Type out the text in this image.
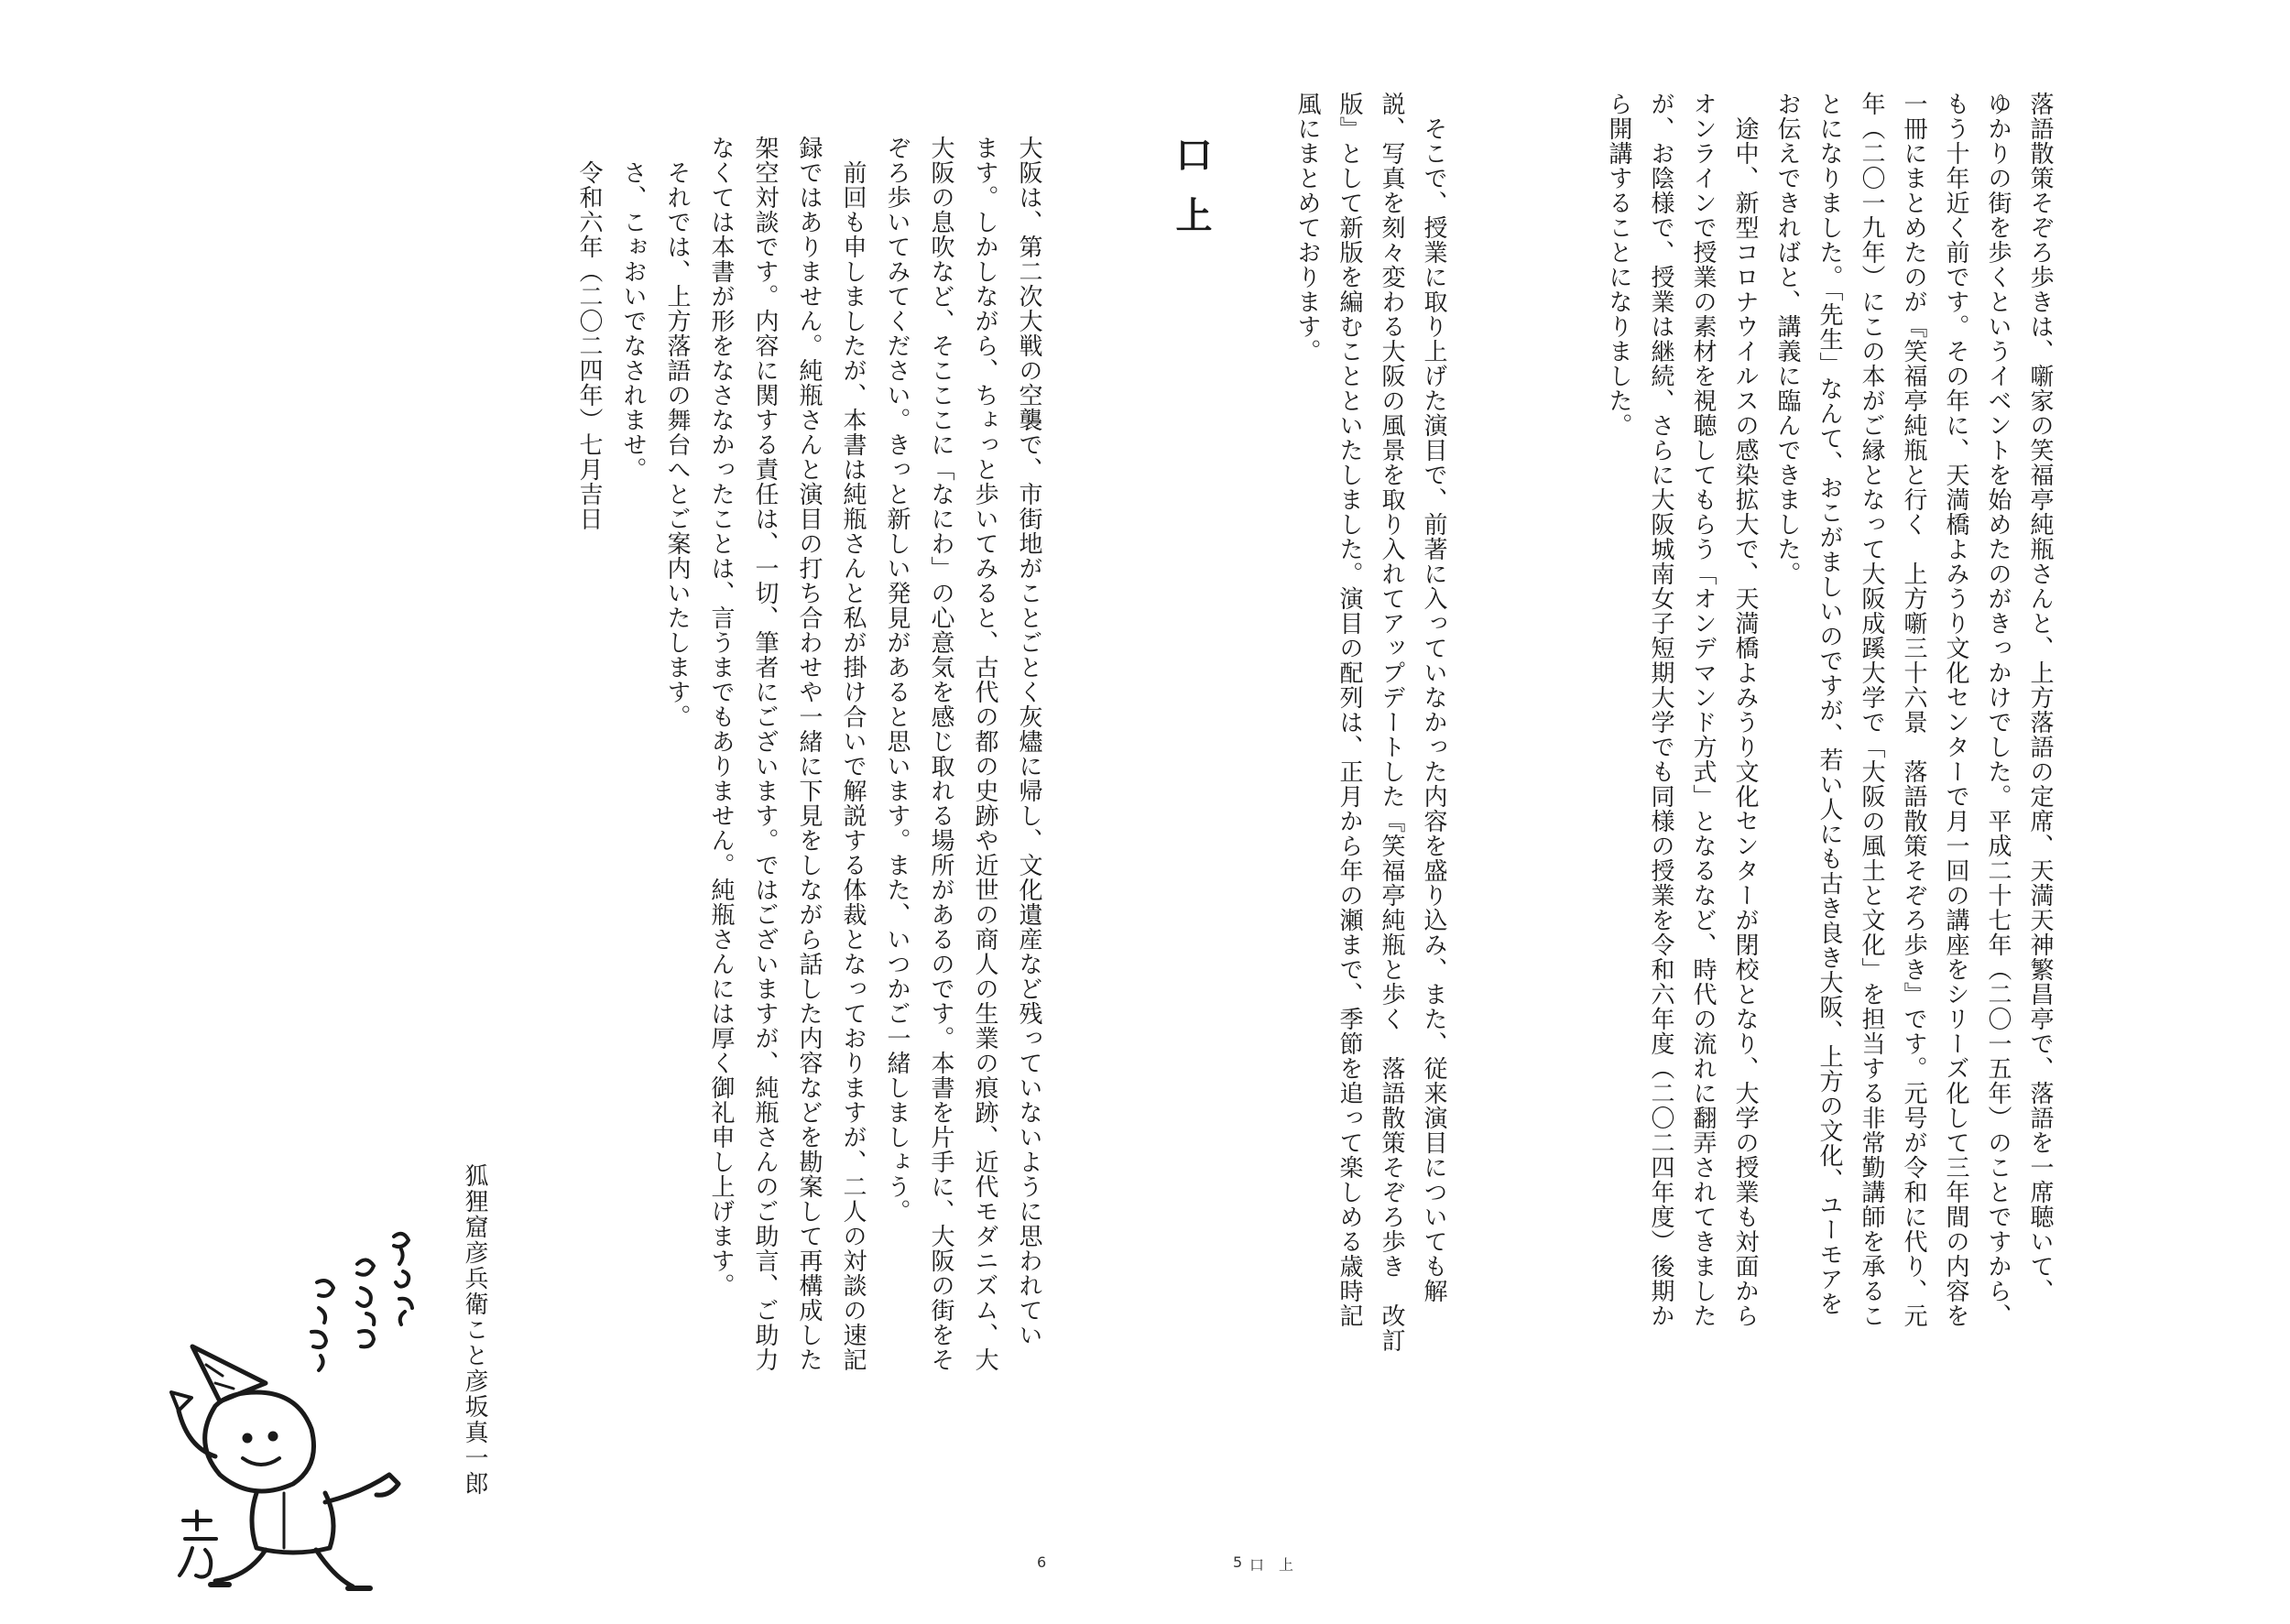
口上	落語散策そぞろ歩きは、噺家の笑福亭純瓶さんと、上方落語の定席、天満天神繁昌亭で、落語を一席聴いて、
ゆかりの街を歩くというイベントを始めたのがきっかけでした。平成二十七年（二〇一五年）のことですから、
もう十年近く前です。その年に、天満橋よみうり文化センターで月一回の講座をシリーズ化して三年間の内容を
一冊にまとめたのが『笑福亭純瓶と行く　上方噺三十六景　落語散策そぞろ歩き』です。元号が令和に代り、元
年（二〇一九年）にこの本がご縁となって大阪成蹊大学で「大阪の風土と文化」を担当する非常勤講師を承るこ
とになりました。「先生」なんて、おこがましいのですが、若い人にも古き良き大阪、上方の文化、ユーモアを
お伝えできればと、講義に臨んできました。
　途中、新型コロナウイルスの感染拡大で、天満橋よみうり文化センターが閉校となり、大学の授業も対面から
オンラインで授業の素材を視聴してもらう「オンデマンド方式」となるなど、時代の流れに翻弄されてきました
が、お陰様で、授業は継続、さらに大阪城南女子短期大学でも同様の授業を令和六年度（二〇二四年度）後期か
ら開講することになりました。
　そこで、授業に取り上げた演目で、前著に入っていなかった内容を盛り込み、また、従来演目についても解
説、写真を刻々変わる大阪の風景を取り入れてアップデートした『笑福亭純瓶と歩く　落語散策そぞろ歩き　改訂
版』として新版を編むことといたしました。演目の配列は、正月から年の瀬まで、季節を追って楽しめる歳時記
風にまとめております。
大阪は、第二次大戦の空襲で、市街地がことごとく灰燼に帰し、文化遺産など残っていないように思われてい
ます。しかしながら、ちょっと歩いてみると、古代の都の史跡や近世の商人の生業の痕跡、近代モダニズム、大
大阪の息吹など、そこここに「なにわ」の心意気を感じ取れる場所があるのです。本書を片手に、大阪の街をそ
ぞろ歩いてみてください。きっと新しい発見があると思います。また、いつかご一緒しましょう。
　前回も申しましたが、本書は純瓶さんと私が掛け合いで解説する体裁となっておりますが、二人の対談の速記
録ではありません。純瓶さんと演目の打ち合わせや一緒に下見をしながら話した内容などを勘案して再構成した
架空対談です。内容に関する責任は、一切、筆者にございます。ではございますが、純瓶さんのご助言、ご助力
なくては本書が形をなさなかったことは、言うまでもありません。純瓶さんには厚く御礼申し上げます。
　それでは、上方落語の舞台へとご案内いたします。
　さ、こぉおいでなされませ。
　令和六年（二〇二四年）七月吉日
狐狸窟彦兵衛こと彦坂真一郎
6	5 口　上
